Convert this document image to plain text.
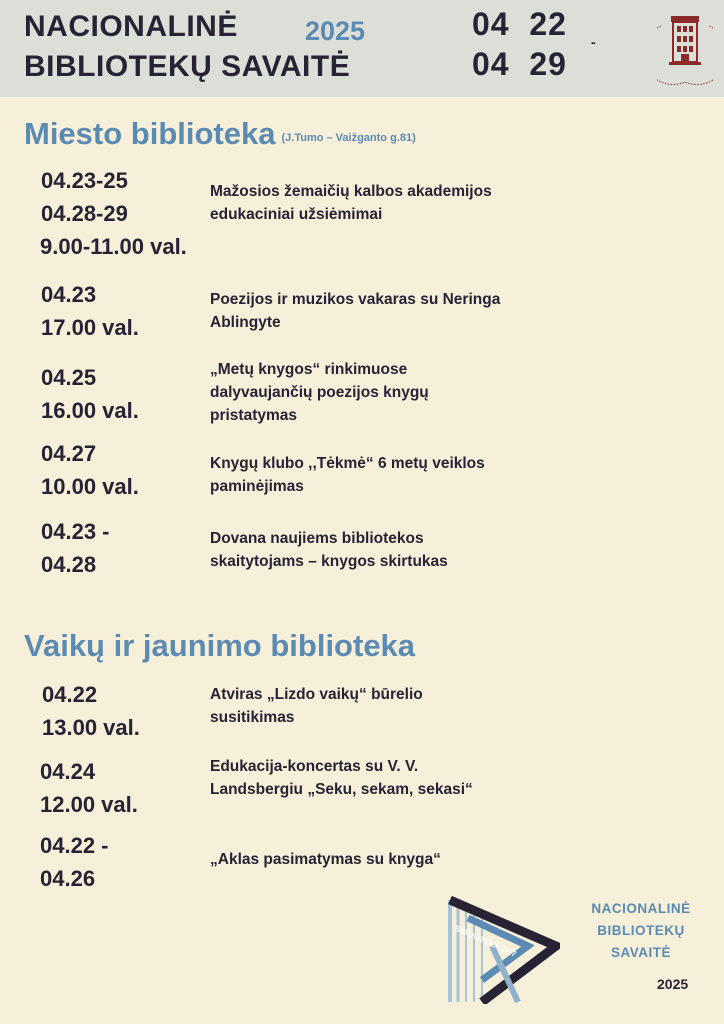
NACIONALINĖ
BIBLIOTEKŲ SAVAITĖ
2025	04  22
04  29
-
Miesto biblioteka (J.Tumo – Vaižganto g.81)
04.23-25
04.28-29
9.00-11.00 val.
Mažosios žemaičių kalbos akademijos
edukaciniai užsiėmimai
04.23
17.00 val.
Poezijos ir muzikos vakaras su Neringa
Ablingyte
04.25
16.00 val.
„Metų knygos“ rinkimuose
dalyvaujančių poezijos knygų
pristatymas
04.27
10.00 val.
Knygų klubo ,,Tėkmė“ 6 metų veiklos
paminėjimas
04.23 -
04.28
Dovana naujiems bibliotekos
skaitytojams – knygos skirtukas
Vaikų ir jaunimo biblioteka
04.22
13.00 val.
Atviras „Lizdo vaikų“ būrelio
susitikimas
04.24
12.00 val.
Edukacija-koncertas su V. V.
Landsbergiu „Seku, sekam, sekasi“
04.22 -
04.26
„Aklas pasimatymas su knyga“
BIBLIOTEKA 24/7
NACIONALINĖ
BIBLIOTEKŲ
SAVAITĖ
2025
